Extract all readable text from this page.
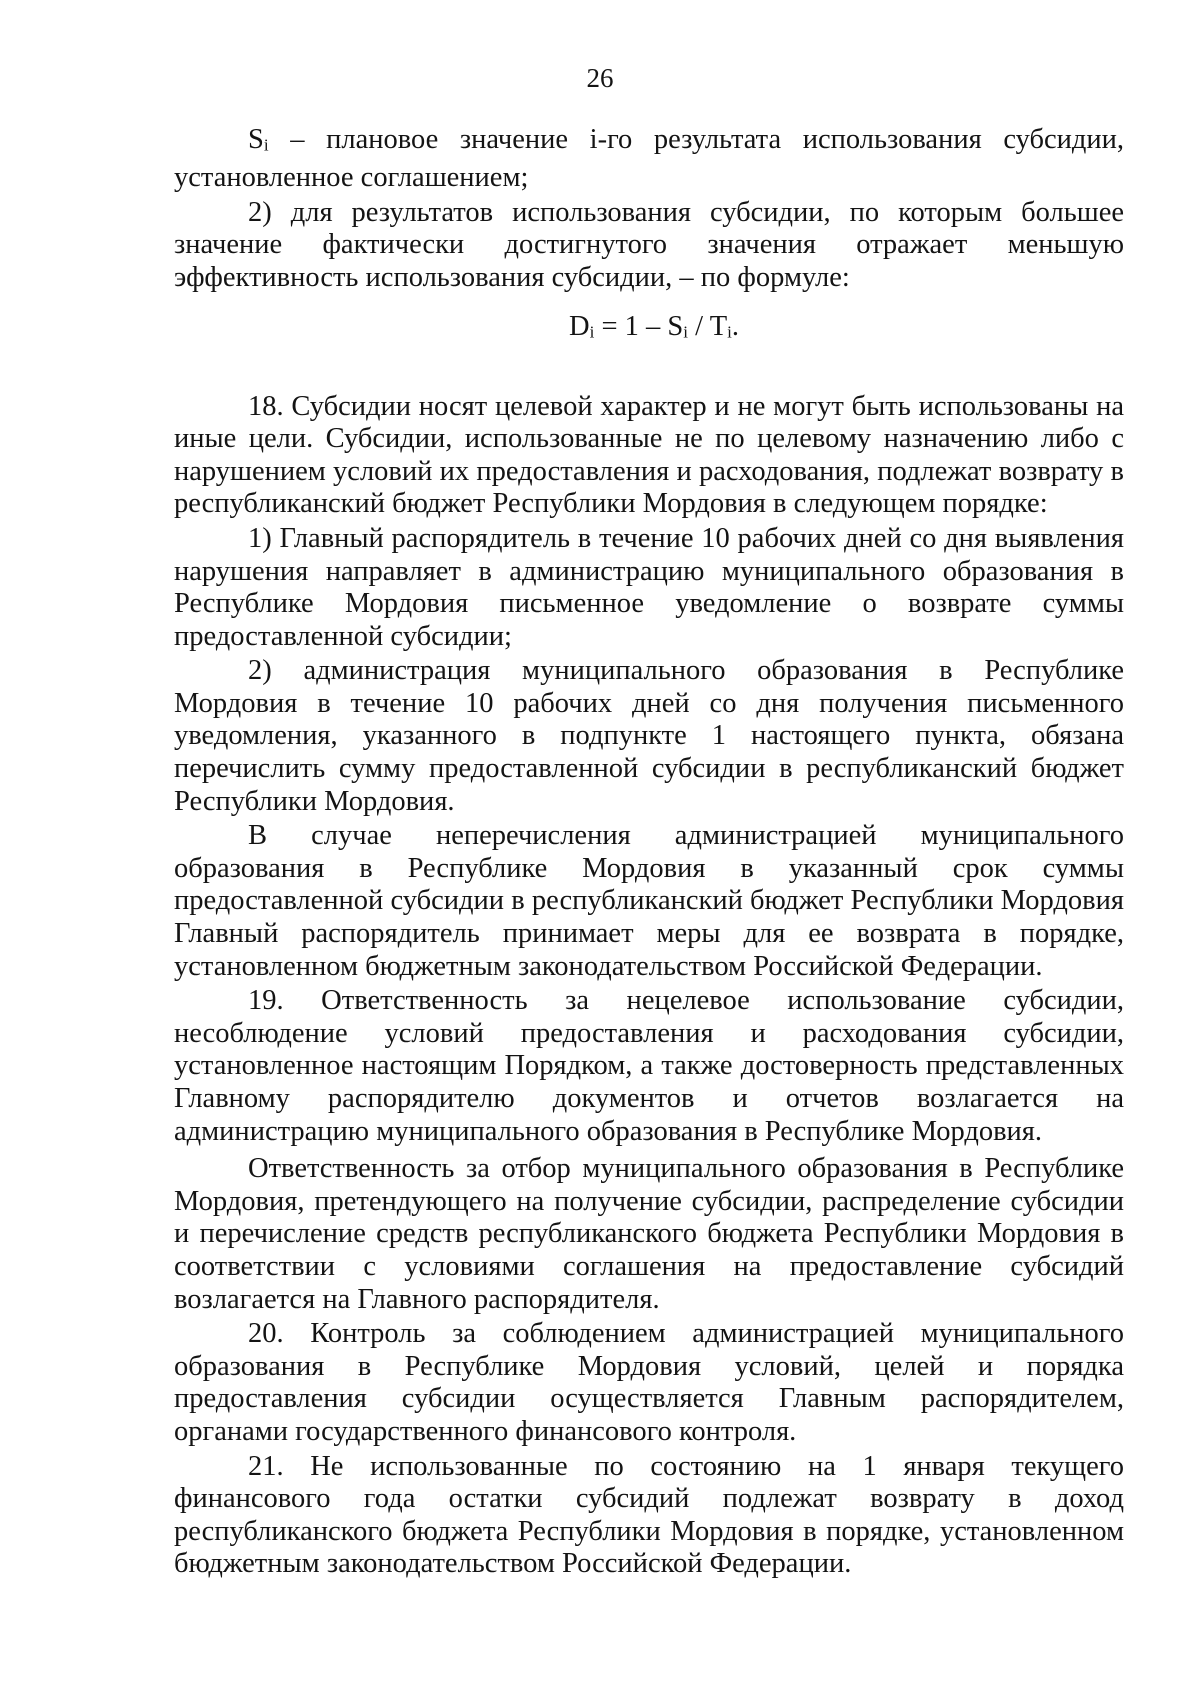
26

$S_i$ – плановое значение i-го результата использования субсидии, установленное соглашением;

2) для результатов использования субсидии, по которым большее значение фактически достигнутого значения отражает меньшую эффективность использования субсидии, – по формуле:

$D_i = 1 - S_i / T_i$.

18. Субсидии носят целевой характер и не могут быть использованы на иные цели. Субсидии, использованные не по целевому назначению либо с нарушением условий их предоставления и расходования, подлежат возврату в республиканский бюджет Республики Мордовия в следующем порядке:

1) Главный распорядитель в течение 10 рабочих дней со дня выявления нарушения направляет в администрацию муниципального образования в Республике Мордовия письменное уведомление о возврате суммы предоставленной субсидии;

2) администрация муниципального образования в Республике Мордовия в течение 10 рабочих дней со дня получения письменного уведомления, указанного в подпункте 1 настоящего пункта, обязана перечислить сумму предоставленной субсидии в республиканский бюджет Республики Мордовия.

В случае неперечисления администрацией муниципального образования в Республике Мордовия в указанный срок суммы предоставленной субсидии в республиканский бюджет Республики Мордовия Главный распорядитель принимает меры для ее возврата в порядке, установленном бюджетным законодательством Российской Федерации.

19. Ответственность за нецелевое использование субсидии, несоблюдение условий предоставления и расходования субсидии, установленное настоящим Порядком, а также достоверность представленных Главному распорядителю документов и отчетов возлагается на администрацию муниципального образования в Республике Мордовия.

Ответственность за отбор муниципального образования в Республике Мордовия, претендующего на получение субсидии, распределение субсидии и перечисление средств республиканского бюджета Республики Мордовия в соответствии с условиями соглашения на предоставление субсидий возлагается на Главного распорядителя.

20. Контроль за соблюдением администрацией муниципального образования в Республике Мордовия условий, целей и порядка предоставления субсидии осуществляется Главным распорядителем, органами государственного финансового контроля.

21. Не использованные по состоянию на 1 января текущего финансового года остатки субсидий подлежат возврату в доход республиканского бюджета Республики Мордовия в порядке, установленном бюджетным законодательством Российской Федерации.
